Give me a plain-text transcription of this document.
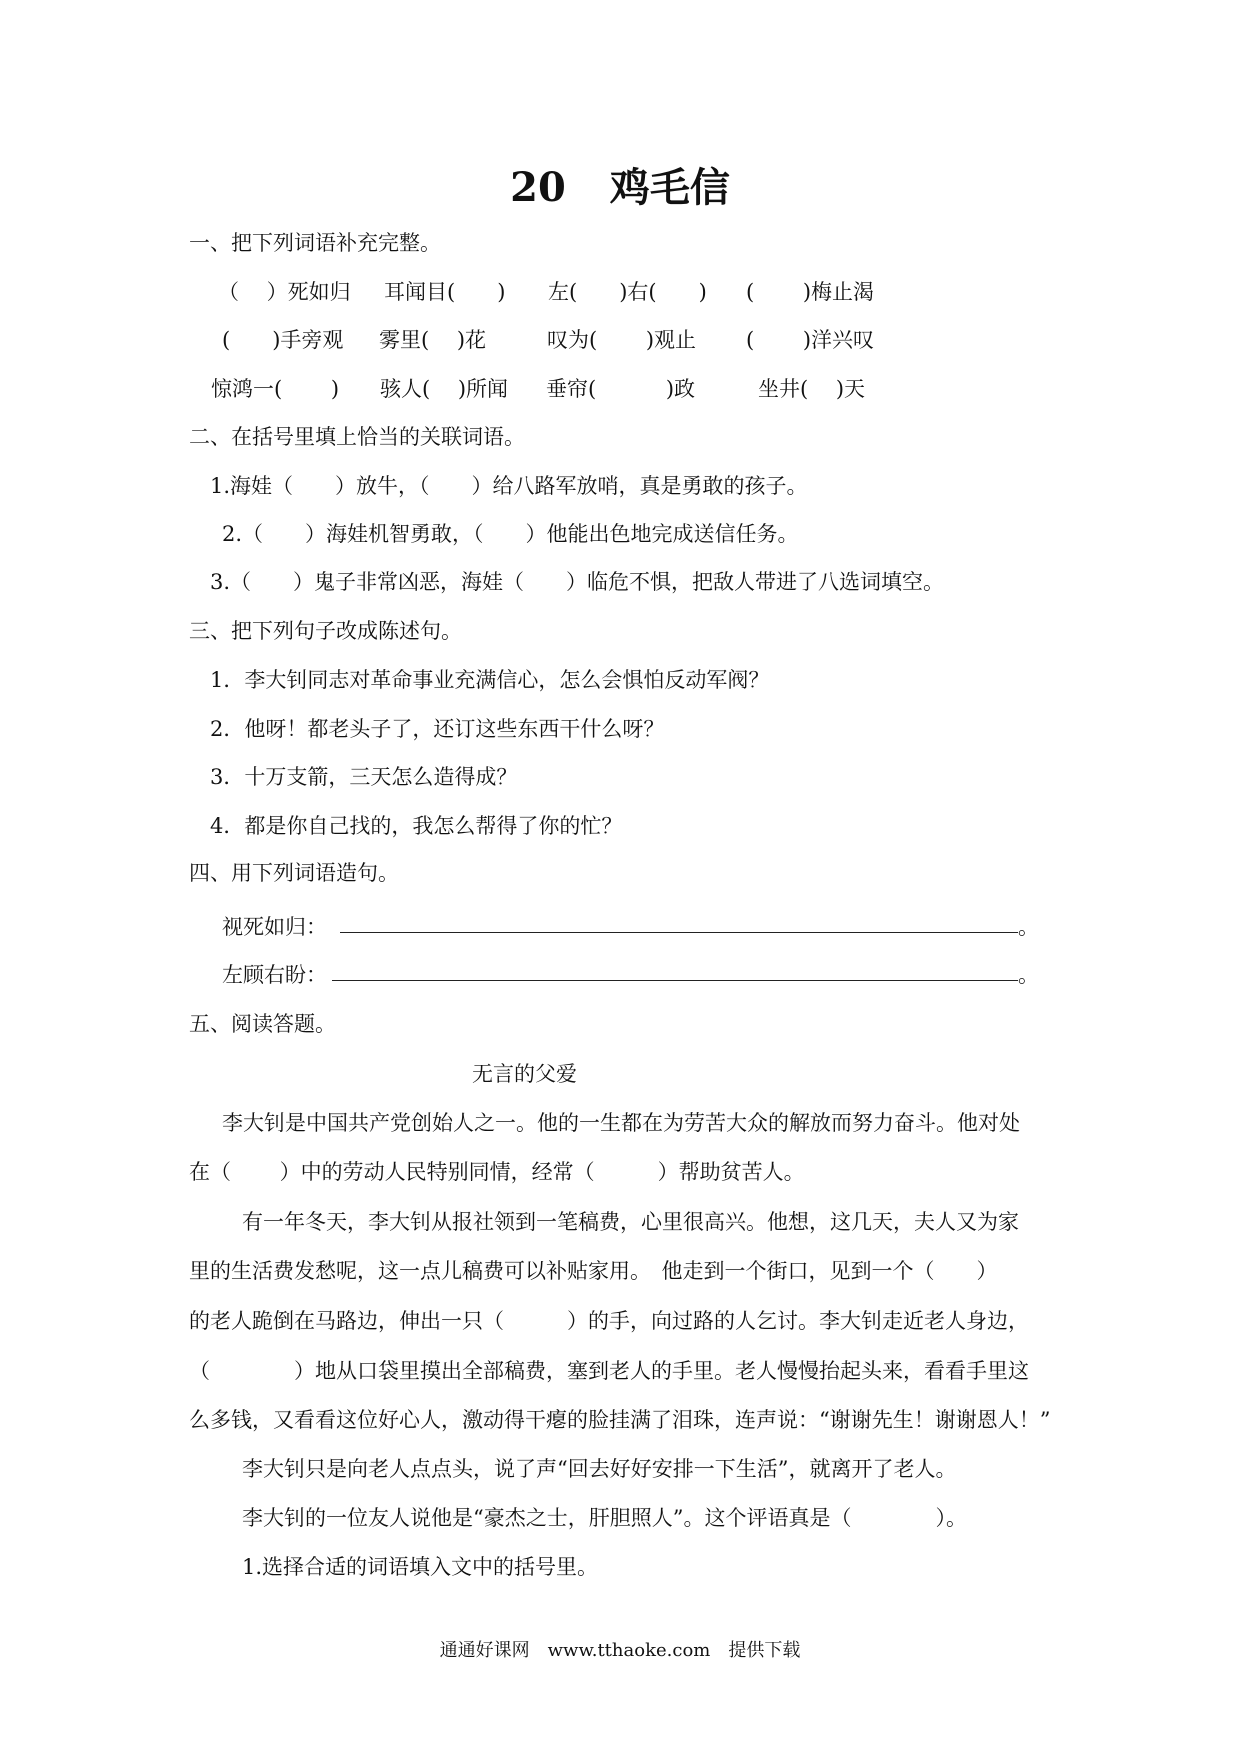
20 鸡毛信
一、把下列词语补充完整。
（　 ）死如归 耳闻目(　　) 左(　　)右(　　) (　　 )梅止渴
(　　)手旁观 雾里(　 )花	叹为(　　 )观止 (　　 )洋兴叹
惊鸿一(　　 ) 骇人(　 )所闻 垂帘(　　　 )政	坐井(　 )天
二、在括号里填上恰当的关联词语。
1.海娃（　　）放牛，（　　）给八路军放哨，真是勇敢的孩子。
2.（　　）海娃机智勇敢，（　　）他能出色地完成送信任务。
3.（　　）鬼子非常凶恶，海娃（　　）临危不惧，把敌人带进了八选词填空。
三、把下列句子改成陈述句。
1．李大钊同志对革命事业充满信心，怎么会惧怕反动军阀？
2．他呀！都老头子了，还订这些东西干什么呀？
3．十万支箭，三天怎么造得成？
4．都是你自己找的，我怎么帮得了你的忙？
四、用下列词语造句。
视死如归：	。
左顾右盼：	。
五、阅读答题。
无言的父爱
李大钊是中国共产党创始人之一。他的一生都在为劳苦大众的解放而努力奋斗。他对处
在（　　 ）中的劳动人民特别同情，经常（　　　）帮助贫苦人。
有一年冬天，李大钊从报社领到一笔稿费，心里很高兴。他想，这几天，夫人又为家
里的生活费发愁呢，这一点儿稿费可以补贴家用。　他走到一个街口，见到一个（　　）
的老人跪倒在马路边，伸出一只（　　　）的手，向过路的人乞讨。李大钊走近老人身边，
（　　　　）地从口袋里摸出全部稿费，塞到老人的手里。老人慢慢抬起头来，看看手里这
么多钱，又看看这位好心人，激动得干瘪的脸挂满了泪珠，连声说：“谢谢先生！谢谢恩人！”
李大钊只是向老人点点头，说了声“回去好好安排一下生活”，就离开了老人。
李大钊的一位友人说他是“豪杰之士，肝胆照人”。这个评语真是（　　　　）。
1.选择合适的词语填入文中的括号里。
通通好课网　www.tthaoke.com　提供下载
